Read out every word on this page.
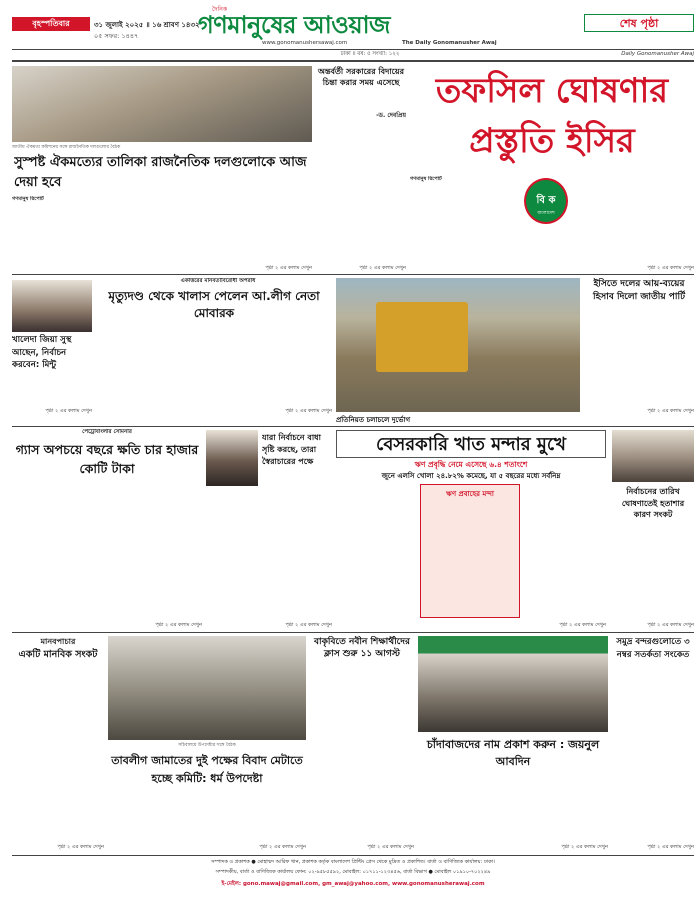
বৃহস্পতিবার	৩১ জুলাই ২০২৫ ॥ ১৬ শ্রাবণ ১৪৩২
০৫ সফর: ১৪৪৭
দৈনিক
গণমানুষের আওয়াজ	শেষ পৃষ্ঠা
www.gonomanushersawaj.com	The Daily Gonomanusher Awaj
ঢাকা ॥ বর্ষ: ৫ সংখ্যা: ১২২	Daily Gonomanusher Awaj
জাতীয় ঐকমত্য কমিশনের সঙ্গে রাজনৈতিক দলগুলোর বৈঠক
সুস্পষ্ট ঐকমত্যের তালিকা রাজনৈতিক দলগুলোকে আজ দেয়া হবে
গণমানুষ রিপোর্ট
পৃষ্ঠা ২ এর কলাম দেখুন
অন্তর্বর্তী সরকারের বিদায়ের চিন্তা করার সময় এসেছে
-ড. দেবপ্রিয়
পৃষ্ঠা ২ এর কলাম দেখুন
তফসিল ঘোষণার প্রস্তুতি ইসির
গণমানুষ রিপোর্ট
বি ক
বাংলাদেশ
পৃষ্ঠা ২ এর কলাম দেখুন
একাত্তরের মানবতাবিরোধী অপরাধ
মৃত্যুদণ্ড থেকে খালাস পেলেন আ.লীগ নেতা মোবারক
পৃষ্ঠা ২ এর কলাম দেখুন
খালেদা জিয়া সুস্থ আছেন, নির্বাচন করবেন: মিন্টু
পৃষ্ঠা ২ এর কলাম দেখুন
প্রতিনিয়ত চলাচলে দুর্ভোগ
ইসিতে দলের আয়-ব্যয়ের হিসাব দিলো জাতীয় পার্টি
পৃষ্ঠা ২ এর কলাম দেখুন
পেট্রোবাংলার সেমিনার
গ্যাস অপচয়ে বছরে ক্ষতি চার হাজার কোটি টাকা
পৃষ্ঠা ২ এর কলাম দেখুন
যারা নির্বাচনে বাধা সৃষ্টি করছে, তারা স্বৈরাচারের পক্ষে
পৃষ্ঠা ২ এর কলাম দেখুন
বেসরকারি খাত মন্দার মুখে
ঋণ প্রবৃদ্ধি নেমে এসেছে ৬.৪ শতাংশে
জুনে এলসি খোলা ২৪.৮২% কমেছে, যা ৫ বছরের মধ্যে সর্বনিম্ন
ঋণ প্রবাহের মন্দা
পৃষ্ঠা ২ এর কলাম দেখুন
নির্বাচনের তারিখ ঘোষণাতেই হতাশার কারণ সংকট
পৃষ্ঠা ২ এর কলাম দেখুন
মানবপাচার
একটি মানবিক সংকট
পৃষ্ঠা ২ এর কলাম দেখুন
সচিবালয়ে উপদেষ্টার সঙ্গে বৈঠক
তাবলীগ জামাতের দুই পক্ষের বিবাদ মেটাতে হচ্ছে কমিটি: ধর্ম উপদেষ্টা
পৃষ্ঠা ২ এর কলাম দেখুন
বাকৃবিতে নবীন শিক্ষার্থীদের ক্লাস শুরু ১১ আগস্ট
পৃষ্ঠা ২ এর কলাম দেখুন
চাঁদাবাজদের নাম প্রকাশ করুন : জয়নুল আবদিন
পৃষ্ঠা ২ এর কলাম দেখুন
সমুদ্র বন্দরগুলোতে ৩ নম্বর সতর্কতা সংকেত
পৃষ্ঠা ২ এর কলাম দেখুন
সম্পাদক ও প্রকাশক ● মোহাম্মদ আরিফ খান, প্রকাশক কর্তৃক বাংলাদেশ প্রিন্টিং প্রেস থেকে মুদ্রিত ও প্রকাশিত। বার্তা ও বাণিজ্যিক কার্যালয়: ঢাকা।
সম্পাদকীয়, বার্তা ও বাণিজ্যিক কার্যালয় ফোন: ০২-৯৫৮৫৫৯২, মোবাইল: ০১৭১১-১২৩৪৫৬, বার্তা বিভাগ ● মোবাইল ০১৯১০-৭০২২৪৯
ই-মেইল: gono.mawaj@gmail.com, gm_awaj@yahoo.com, www.gonomanusherawaj.com
